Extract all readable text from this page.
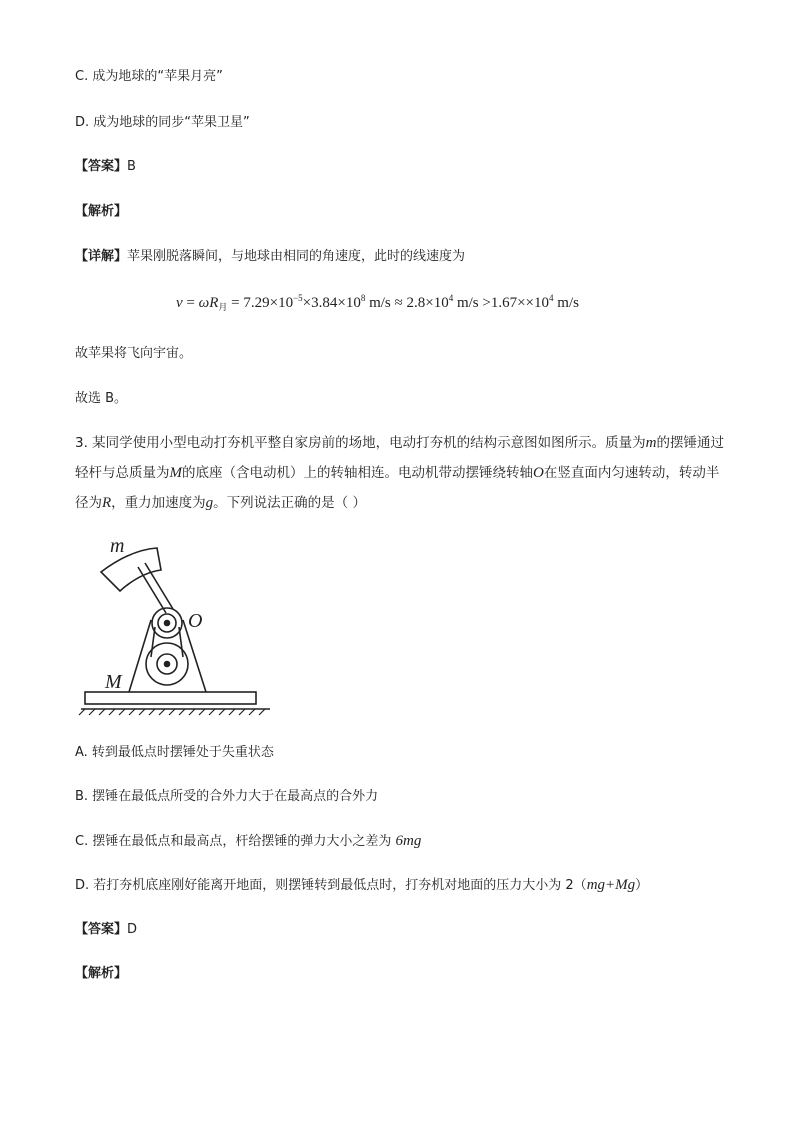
C. 成为地球的“苹果月亮”
D. 成为地球的同步“苹果卫星”
【答案】B
【解析】
【详解】苹果刚脱落瞬间，与地球由相同的角速度，此时的线速度为
$v = \omega R_月 = 7.29\times 10^{-5}\times 3.84\times 10^8$ $m/s \approx 2.8\times 10^4$ $m/s >1.67\times\times 10^4$ m/s
故苹果将飞向宇宙。
故选 B。
3. 某同学使用小型电动打夯机平整自家房前的场地，电动打夯机的结构示意图如图所示。质量为m的摆锤通过轻杆与总质量为M的底座（含电动机）上的转轴相连。电动机带动摆锤绕转轴O在竖直面内匀速转动，转动半径为R，重力加速度为g。下列说法正确的是（ ）
m
O
M
A. 转到最低点时摆锤处于失重状态
B. 摆锤在最低点所受的合外力大于在最高点的合外力
C. 摆锤在最低点和最高点，杆给摆锤的弹力大小之差为 6mg
D. 若打夯机底座刚好能离开地面，则摆锤转到最低点时，打夯机对地面的压力大小为 2（mg+Mg）
【答案】D
【解析】
